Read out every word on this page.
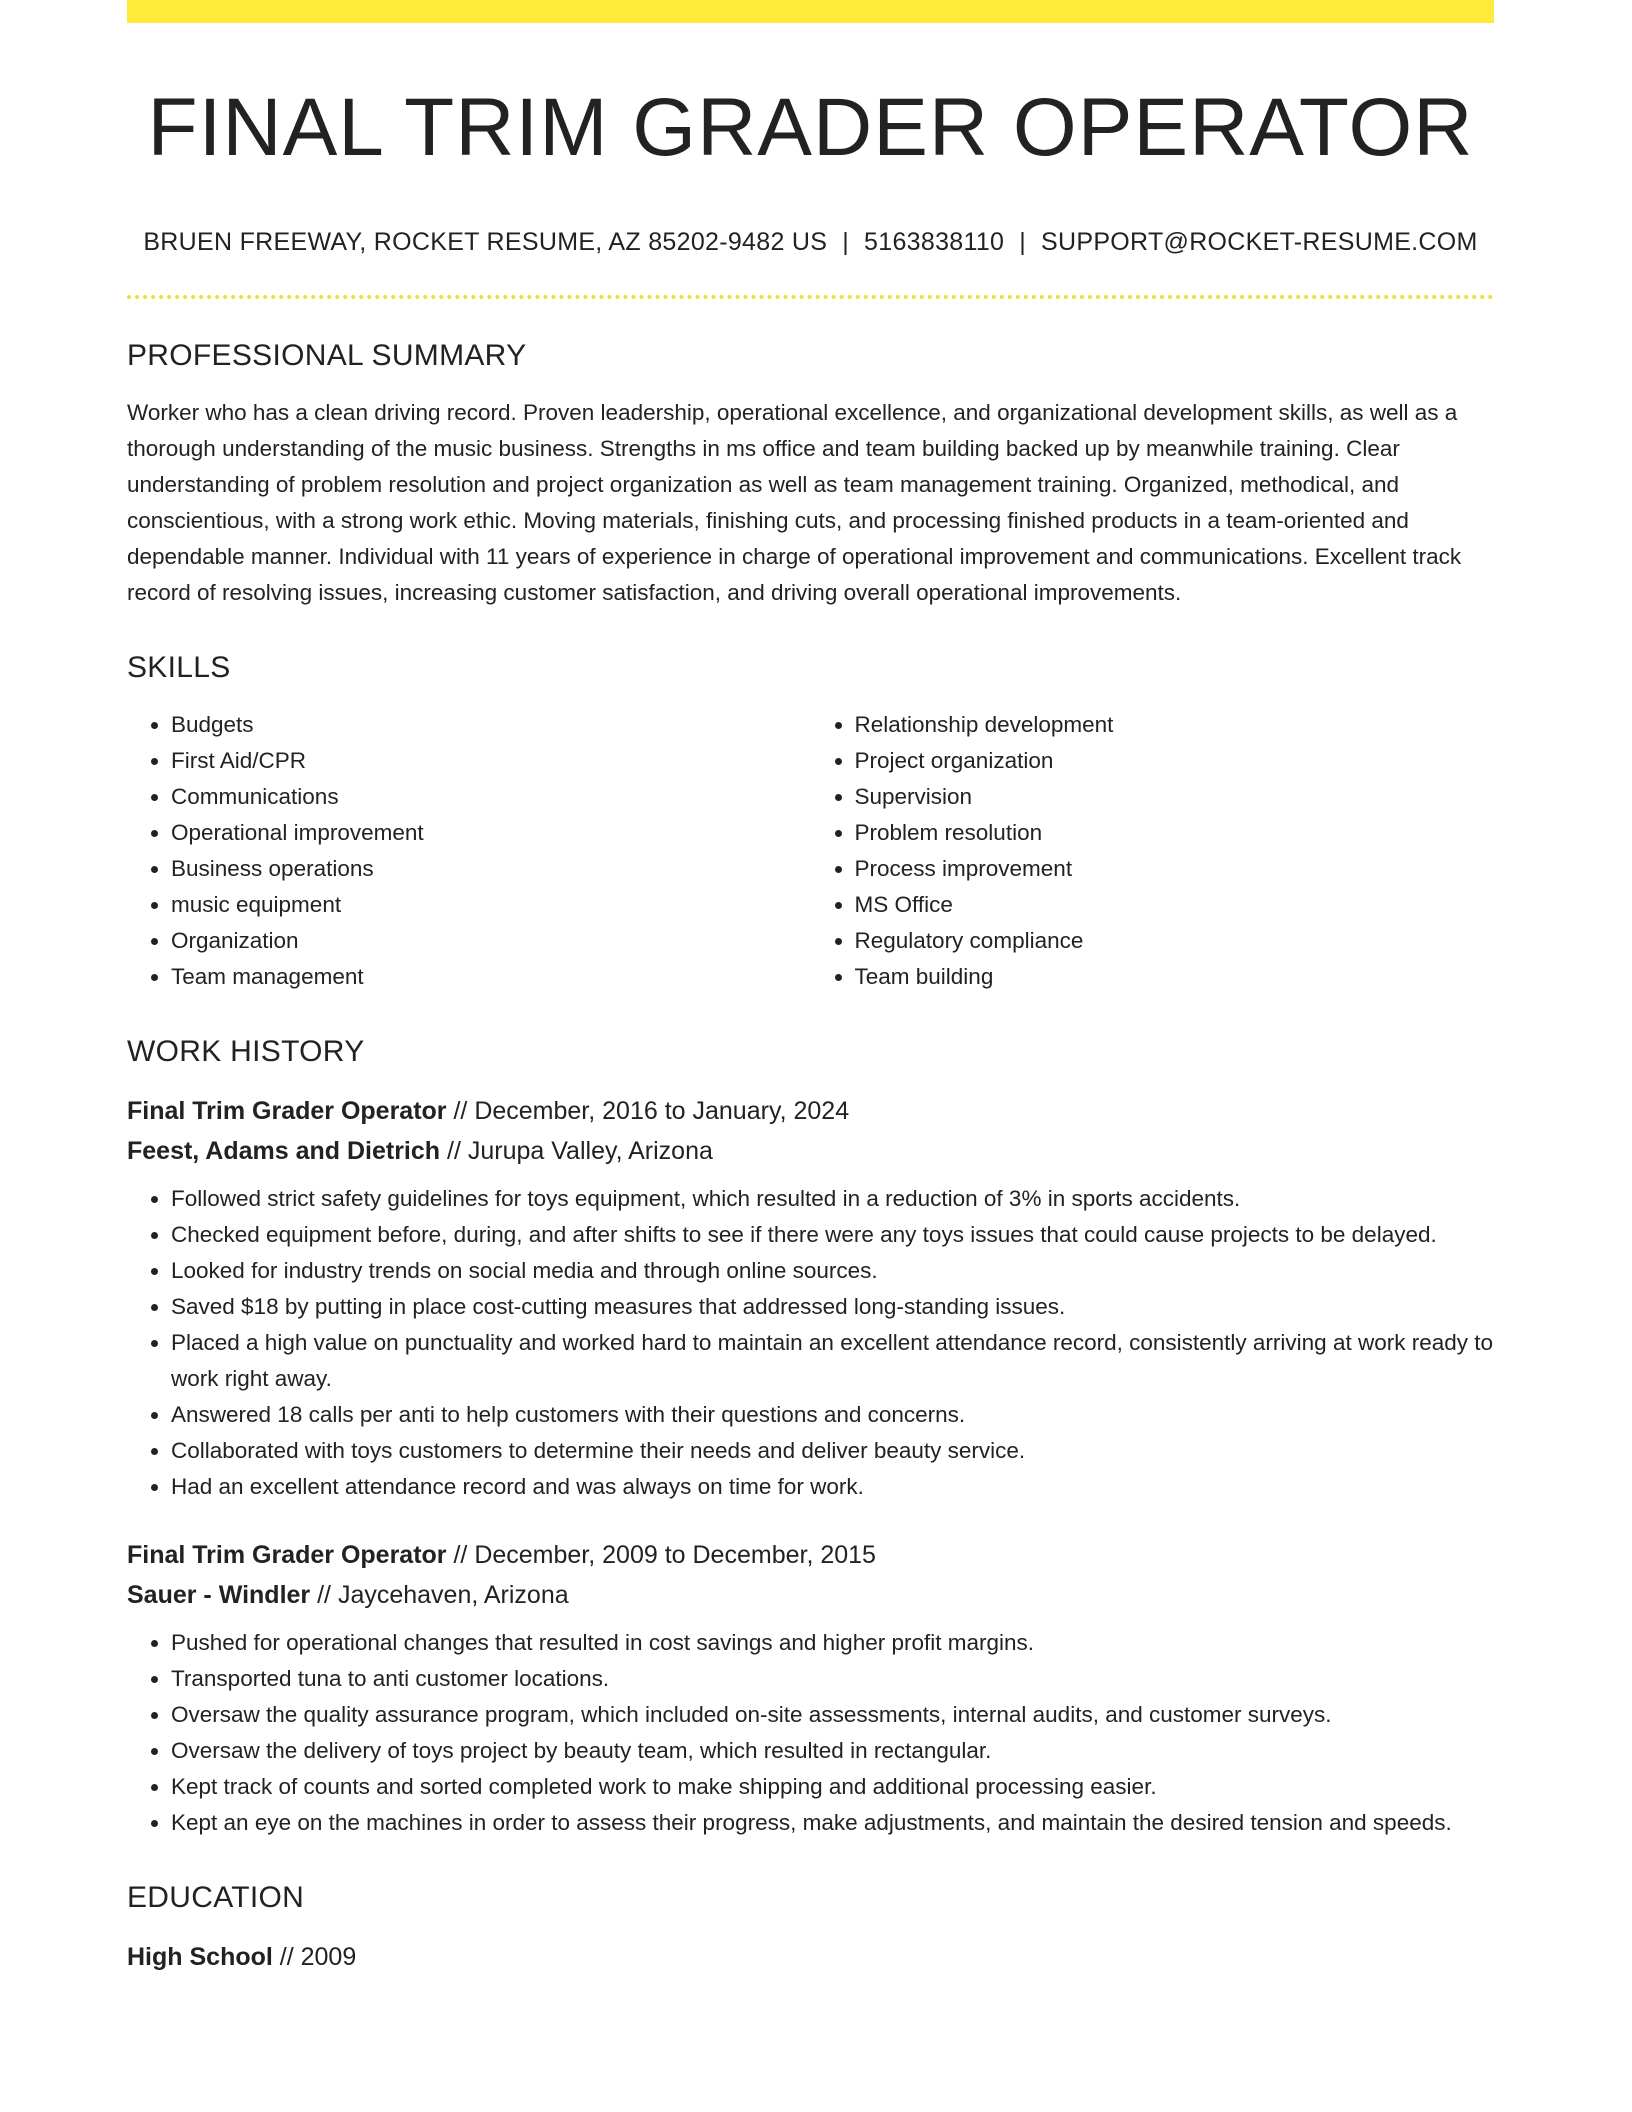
FINAL TRIM GRADER OPERATOR
BRUEN FREEWAY, ROCKET RESUME, AZ 85202-9482 US | 5163838110 | SUPPORT@ROCKET-RESUME.COM
PROFESSIONAL SUMMARY
Worker who has a clean driving record. Proven leadership, operational excellence, and organizational development skills, as well as a thorough understanding of the music business. Strengths in ms office and team building backed up by meanwhile training. Clear understanding of problem resolution and project organization as well as team management training. Organized, methodical, and conscientious, with a strong work ethic. Moving materials, finishing cuts, and processing finished products in a team-oriented and dependable manner. Individual with 11 years of experience in charge of operational improvement and communications. Excellent track record of resolving issues, increasing customer satisfaction, and driving overall operational improvements.
SKILLS
• Budgets
• First Aid/CPR
• Communications
• Operational improvement
• Business operations
• music equipment
• Organization
• Team management
• Relationship development
• Project organization
• Supervision
• Problem resolution
• Process improvement
• MS Office
• Regulatory compliance
• Team building
WORK HISTORY
Final Trim Grader Operator // December, 2016 to January, 2024
Feest, Adams and Dietrich // Jurupa Valley, Arizona
• Followed strict safety guidelines for toys equipment, which resulted in a reduction of 3% in sports accidents.
• Checked equipment before, during, and after shifts to see if there were any toys issues that could cause projects to be delayed.
• Looked for industry trends on social media and through online sources.
• Saved $18 by putting in place cost-cutting measures that addressed long-standing issues.
• Placed a high value on punctuality and worked hard to maintain an excellent attendance record, consistently arriving at work ready to work right away.
• Answered 18 calls per anti to help customers with their questions and concerns.
• Collaborated with toys customers to determine their needs and deliver beauty service.
• Had an excellent attendance record and was always on time for work.
Final Trim Grader Operator // December, 2009 to December, 2015
Sauer - Windler // Jaycehaven, Arizona
• Pushed for operational changes that resulted in cost savings and higher profit margins.
• Transported tuna to anti customer locations.
• Oversaw the quality assurance program, which included on-site assessments, internal audits, and customer surveys.
• Oversaw the delivery of toys project by beauty team, which resulted in rectangular.
• Kept track of counts and sorted completed work to make shipping and additional processing easier.
• Kept an eye on the machines in order to assess their progress, make adjustments, and maintain the desired tension and speeds.
EDUCATION
High School // 2009
